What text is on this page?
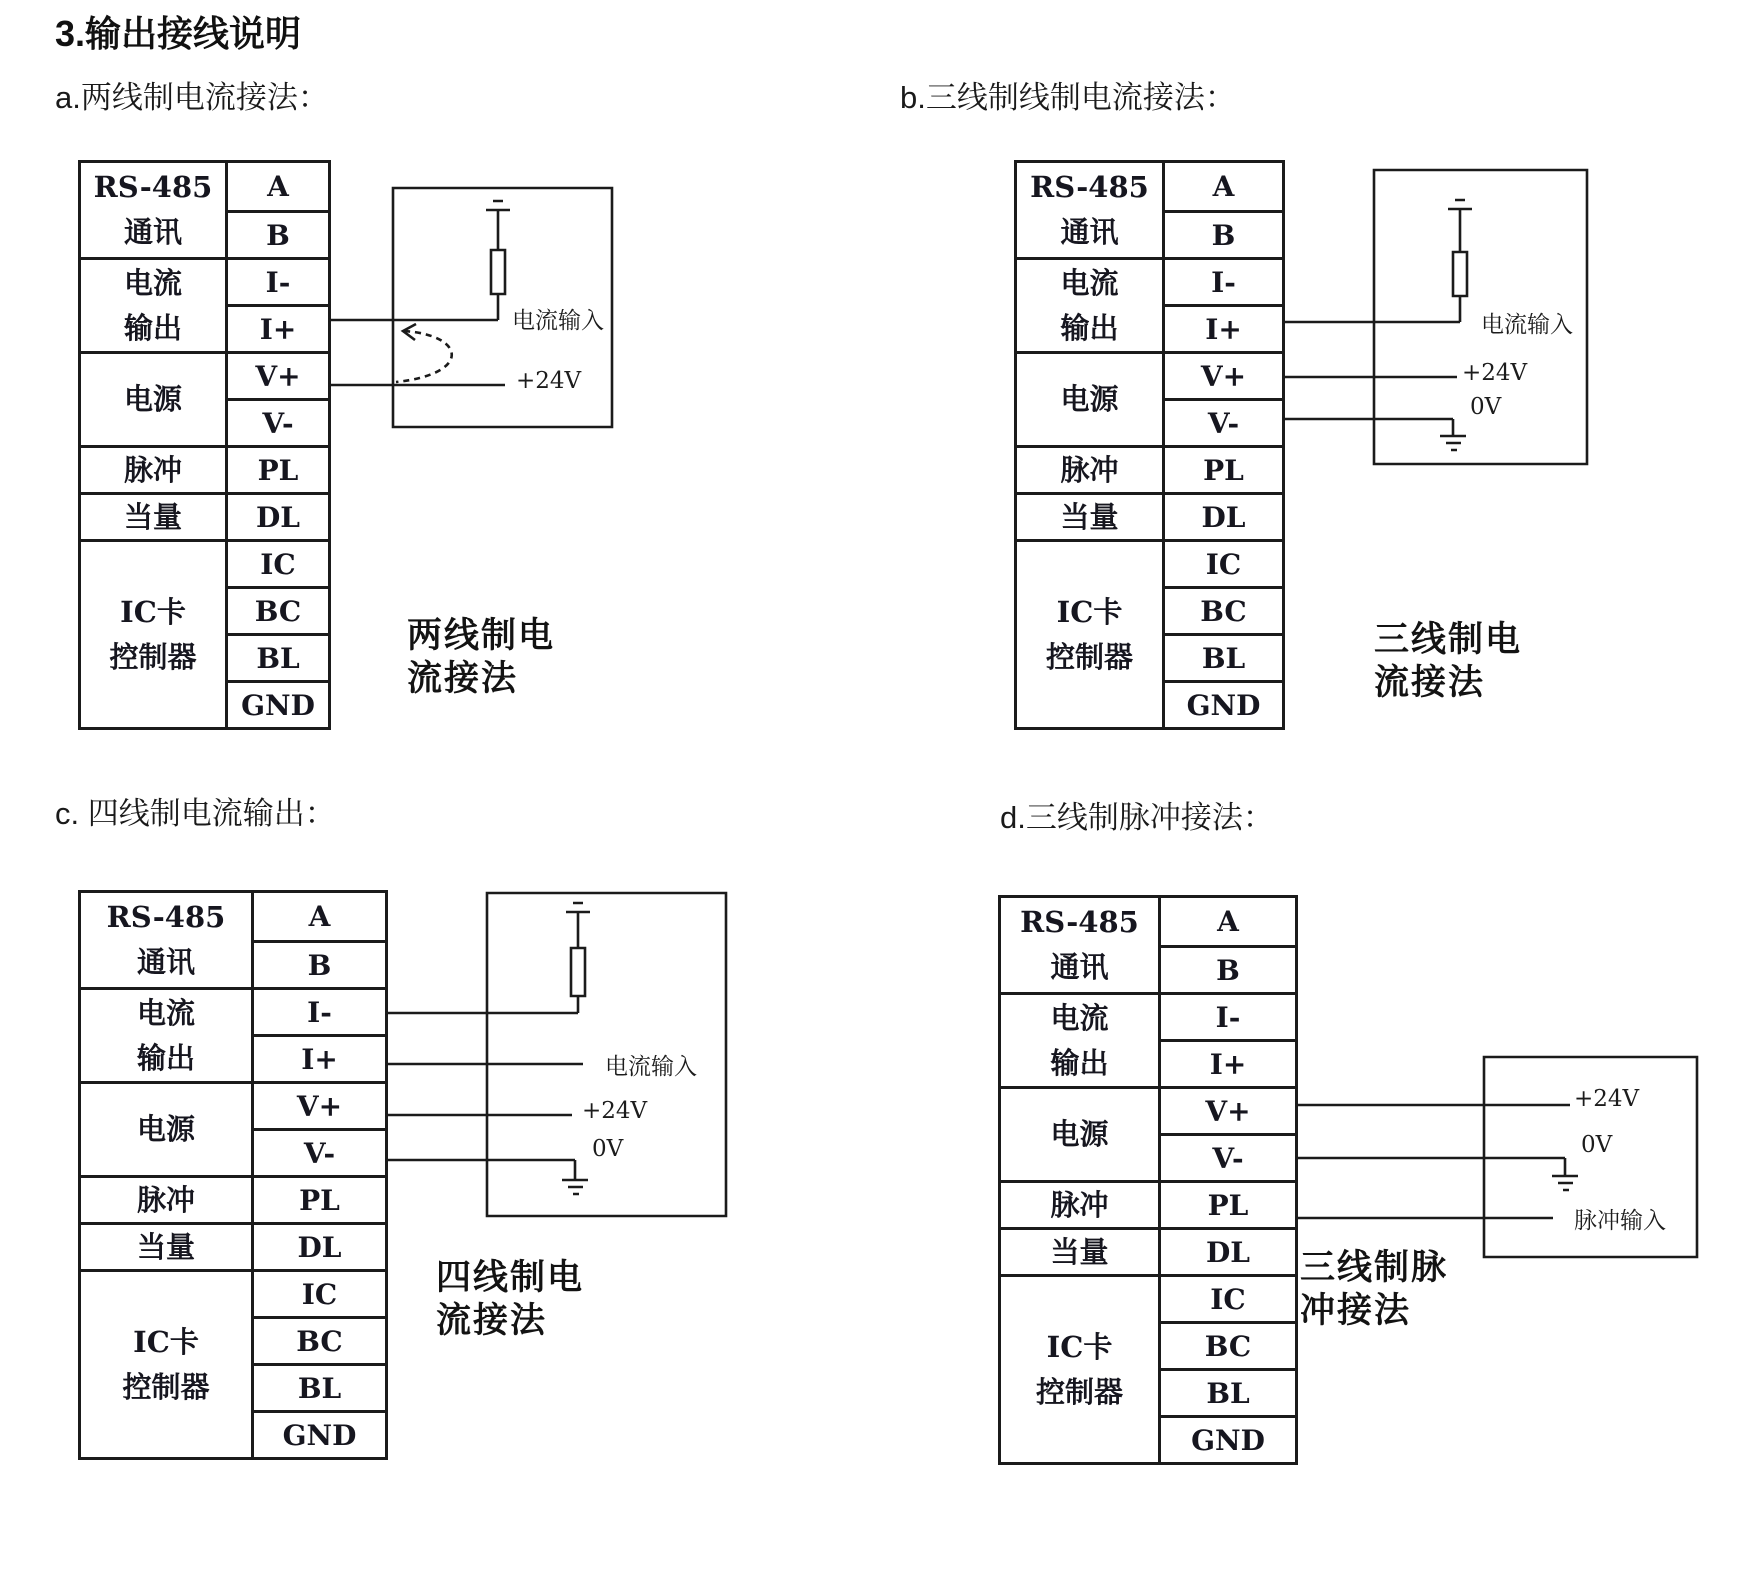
3.输出接线说明
a.两线制电流接法：	b.三线制线制电流接法：
c. 四线制电流输出：	d.三线制脉冲接法：
RS-485
通讯
电流
输出
电源
脉冲
当量
IC卡
控制器
A
B
I-
I+
V+
V-
PL
DL
IC
BC
BL
GND
RS-485
通讯
电流
输出
电源
脉冲
当量
IC卡
控制器
A
B
I-
I+
V+
V-
PL
DL
IC
BC
BL
GND
RS-485
通讯
电流
输出
电源
脉冲
当量
IC卡
控制器
A
B
I-
I+
V+
V-
PL
DL
IC
BC
BL
GND
RS-485
通讯
电流
输出
电源
脉冲
当量
IC卡
控制器
A
B
I-
I+
V+
V-
PL
DL
IC
BC
BL
GND
电流输入
+24V
电流输入
+24V
0V
电流输入
+24V
0V
+24V
0V
脉冲输入
两线制电
流接法
三线制电
流接法
四线制电
流接法
三线制脉
冲接法
